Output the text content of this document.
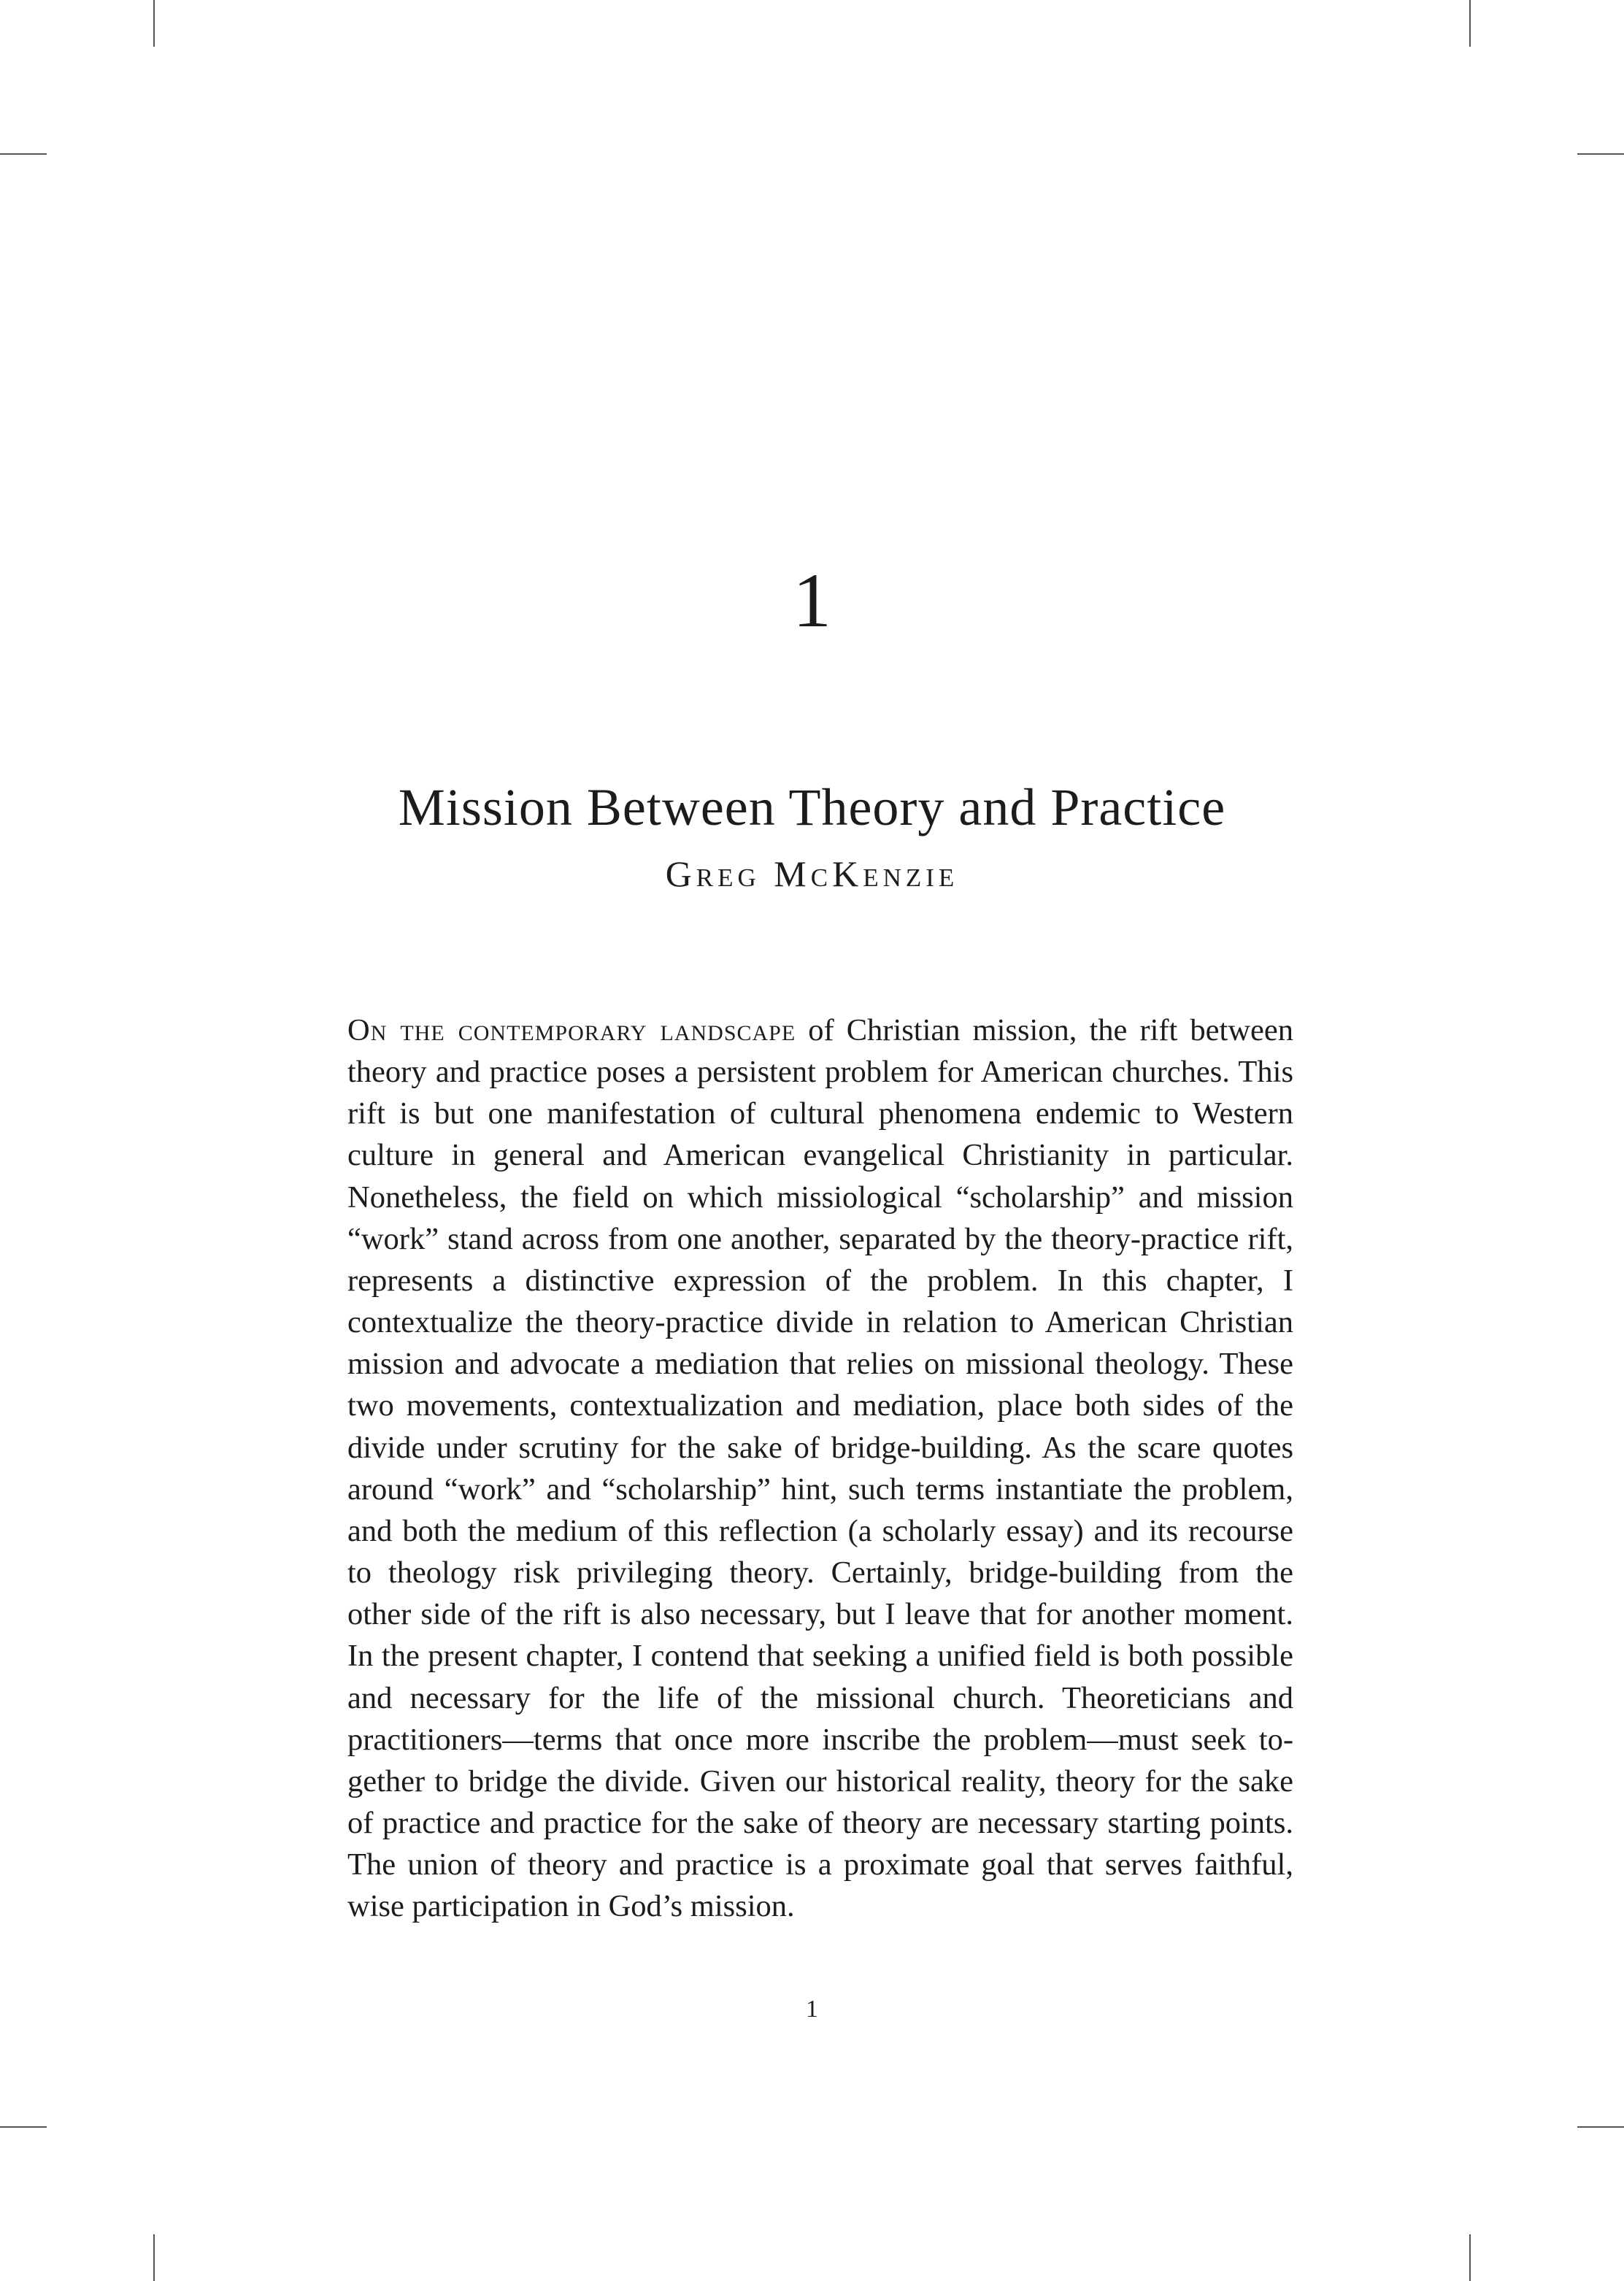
1
Mission Between Theory and Practice
Greg McKenzie

On the contemporary landscape of Christian mission, the rift between theory and practice poses a persistent problem for American churches. This rift is but one manifestation of cultural phenomena endemic to Western culture in general and American evangelical Christianity in particular. Nonetheless, the field on which missiological “scholarship” and mission “work” stand across from one another, separated by the theory-practice rift, represents a distinctive expression of the problem. In this chapter, I contextualize the theory-practice divide in relation to American Christian mission and advocate a mediation that relies on missional theology. These two movements, contextualization and mediation, place both sides of the divide under scrutiny for the sake of bridge-building. As the scare quotes around “work” and “scholarship” hint, such terms instantiate the problem, and both the medium of this reflection (a scholarly essay) and its recourse to theology risk privileging theory. Certainly, bridge-building from the other side of the rift is also necessary, but I leave that for another moment. In the present chapter, I contend that seeking a unified field is both possible and necessary for the life of the missional church. Theoreticians and practitioners—terms that once more inscribe the problem—must seek together to bridge the divide. Given our historical reality, theory for the sake of practice and practice for the sake of theory are necessary starting points. The union of theory and practice is a proximate goal that serves faithful, wise participation in God’s mission.

1
